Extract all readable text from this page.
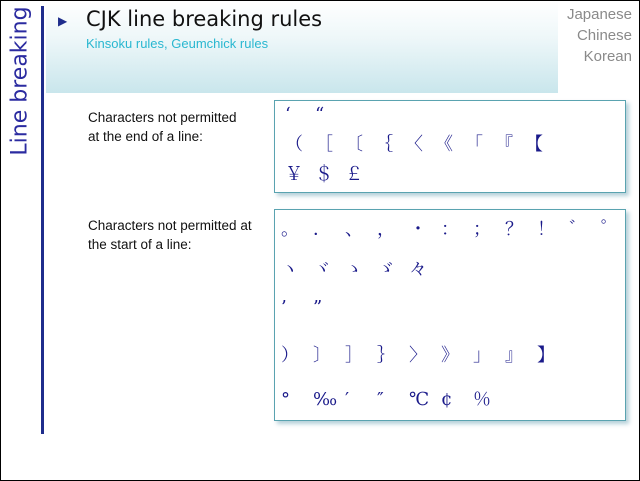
Line breaking ▶ CJK line breaking rules
Kinsoku rules, Geumchick rules
Japanese
Chinese
Korean
Characters not permitted
at the end of a line:
‘ “
（ ［ 〔 ｛ 〈 《 「 『 【
￥ ＄ ￡
Characters not permitted at
the start of a line:
。 ． 、 ， ・ ： ； ？ ！ ゛ ゜
ヽ ヾ ゝ ゞ 々
’ ”
） 〕 ］ ｝ 〉 》 」 』 】
° ‰ ′ ″ ℃ ¢ ％
